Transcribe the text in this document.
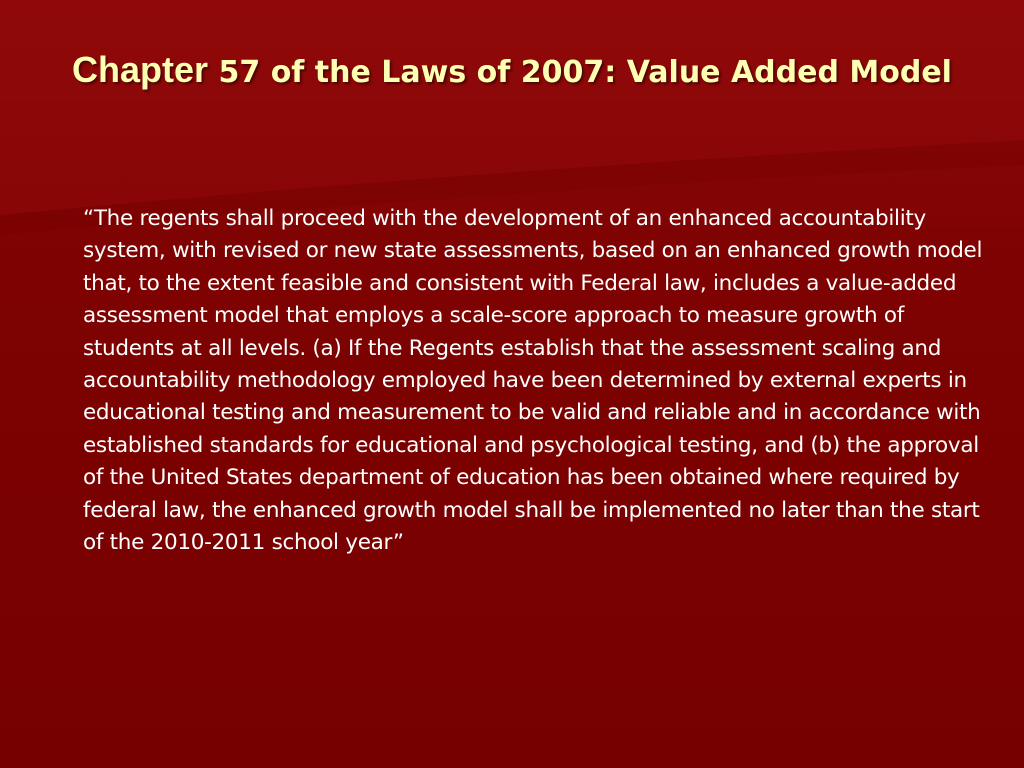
Chapter 57 of the Laws of 2007: Value Added Model

“The regents shall proceed with the development of an enhanced accountability system, with revised or new state assessments, based on an enhanced growth model that, to the extent feasible and consistent with Federal law, includes a value-added assessment model that employs a scale-score approach to measure growth of students at all levels. (a) If the Regents establish that the assessment scaling and accountability methodology employed have been determined by external experts in educational testing and measurement to be valid and reliable and in accordance with established standards for educational and psychological testing, and (b) the approval of the United States department of education has been obtained where required by federal law, the enhanced growth model shall be implemented no later than the start of the 2010-2011 school year”
